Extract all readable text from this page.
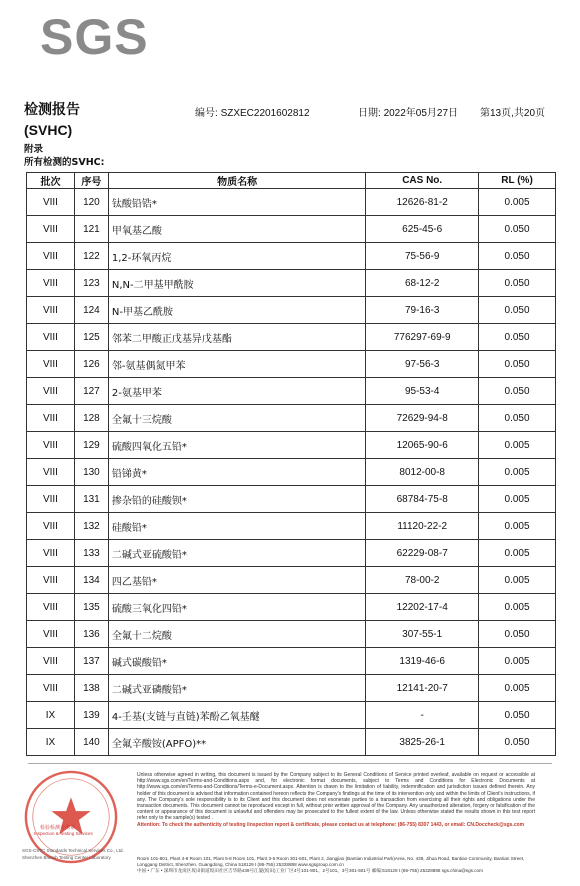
SGS
检测报告
(SVHC)
编号: SZXEC2201602812	日期: 2022年05月27日 第13页,共20页
附录
所有检测的SVHC:
批次	序号	物质名称	CAS No.	RL (%)
VIII	120	钛酸铅锆*	12626-81-2	0.005
VIII	121	甲氧基乙酸	625-45-6	0.050
VIII	122	1,2-环氧丙烷	75-56-9	0.050
VIII	123	N,N-二甲基甲酰胺	68-12-2	0.050
VIII	124	N-甲基乙酰胺	79-16-3	0.050
VIII	125	邻苯二甲酸正戊基异戊基酯	776297-69-9	0.050
VIII	126	邻-氨基偶氮甲苯	97-56-3	0.050
VIII	127	2-氨基甲苯	95-53-4	0.050
VIII	128	全氟十三烷酸	72629-94-8	0.050
VIII	129	硫酸四氧化五铅*	12065-90-6	0.005
VIII	130	铅锑黄*	8012-00-8	0.005
VIII	131	掺杂铅的硅酸钡*	68784-75-8	0.005
VIII	132	硅酸铅*	11120-22-2	0.005
VIII	133	二碱式亚硫酸铅*	62229-08-7	0.005
VIII	134	四乙基铅*	78-00-2	0.005
VIII	135	硫酸三氧化四铅*	12202-17-4	0.005
VIII	136	全氟十二烷酸	307-55-1	0.050
VIII	137	碱式碳酸铅*	1319-46-6	0.005
VIII	138	二碱式亚磷酸铅*	12141-20-7	0.005
IX	139	4-壬基(支链与直链)苯酚乙氧基醚	-	0.050
IX	140	全氟辛酸铵(APFO)**	3825-26-1	0.050
检验检测专用章
Inspection & Testing Services
SGS-CSTC Standards Technical Services Co., Ltd.
Shenzhen Branch Testing Center Laboratory
Unless otherwise agreed in writing, this document is issued by the Company subject to its General Conditions of Service printed overleaf, available on request or accessible at http://www.sgs.com/en/Terms-and-Conditions.aspx and, for electronic format documents, subject to Terms and Conditions for Electronic Documents at http://www.sgs.com/en/Terms-and-Conditions/Terms-e-Document.aspx. Attention is drawn to the limitation of liability, indemnification and jurisdiction issues defined therein. Any holder of this document is advised that information contained hereon reflects the Company's findings at the time of its intervention only and within the limits of Client's instructions, if any. The Company's sole responsibility is to its Client and this document does not exonerate parties to a transaction from exercising all their rights and obligations under the transaction documents. This document cannot be reproduced except in full, without prior written approval of the Company. Any unauthorized alteration, forgery or falsification of the content or appearance of this document is unlawful and offenders may be prosecuted to the fullest extent of the law. Unless otherwise stated the results shown in this test report refer only to the sample(s) tested .
Attention: To check the authenticity of testing /inspection report & certificate, please contact us at telephone: (86-755) 8307 1443, or email: CN.Doccheck@sgs.com
Room 101-801, Plant 4-8 Room 101, Plant 5-8 Room 101, Plant 3-6 Room 301-501, Plant 2, Jiangjiao (Bantian Industrial Park)Area, No. 439, Jihua Road, Bantian Community, Bantian Street, Longgang District, Shenzhen, Guangdong, China 518129 t (86-755) 25328888 www.sgsgroup.com.cn
中国 • 广东 • 深圳市龙岗区坂田街道坂田社区吉华路439号江厦(坂田)工业厂区4号101-801、2号101、3号301-501号 邮编:518129 t (86-755) 25328888 sgs.china@sgs.com
